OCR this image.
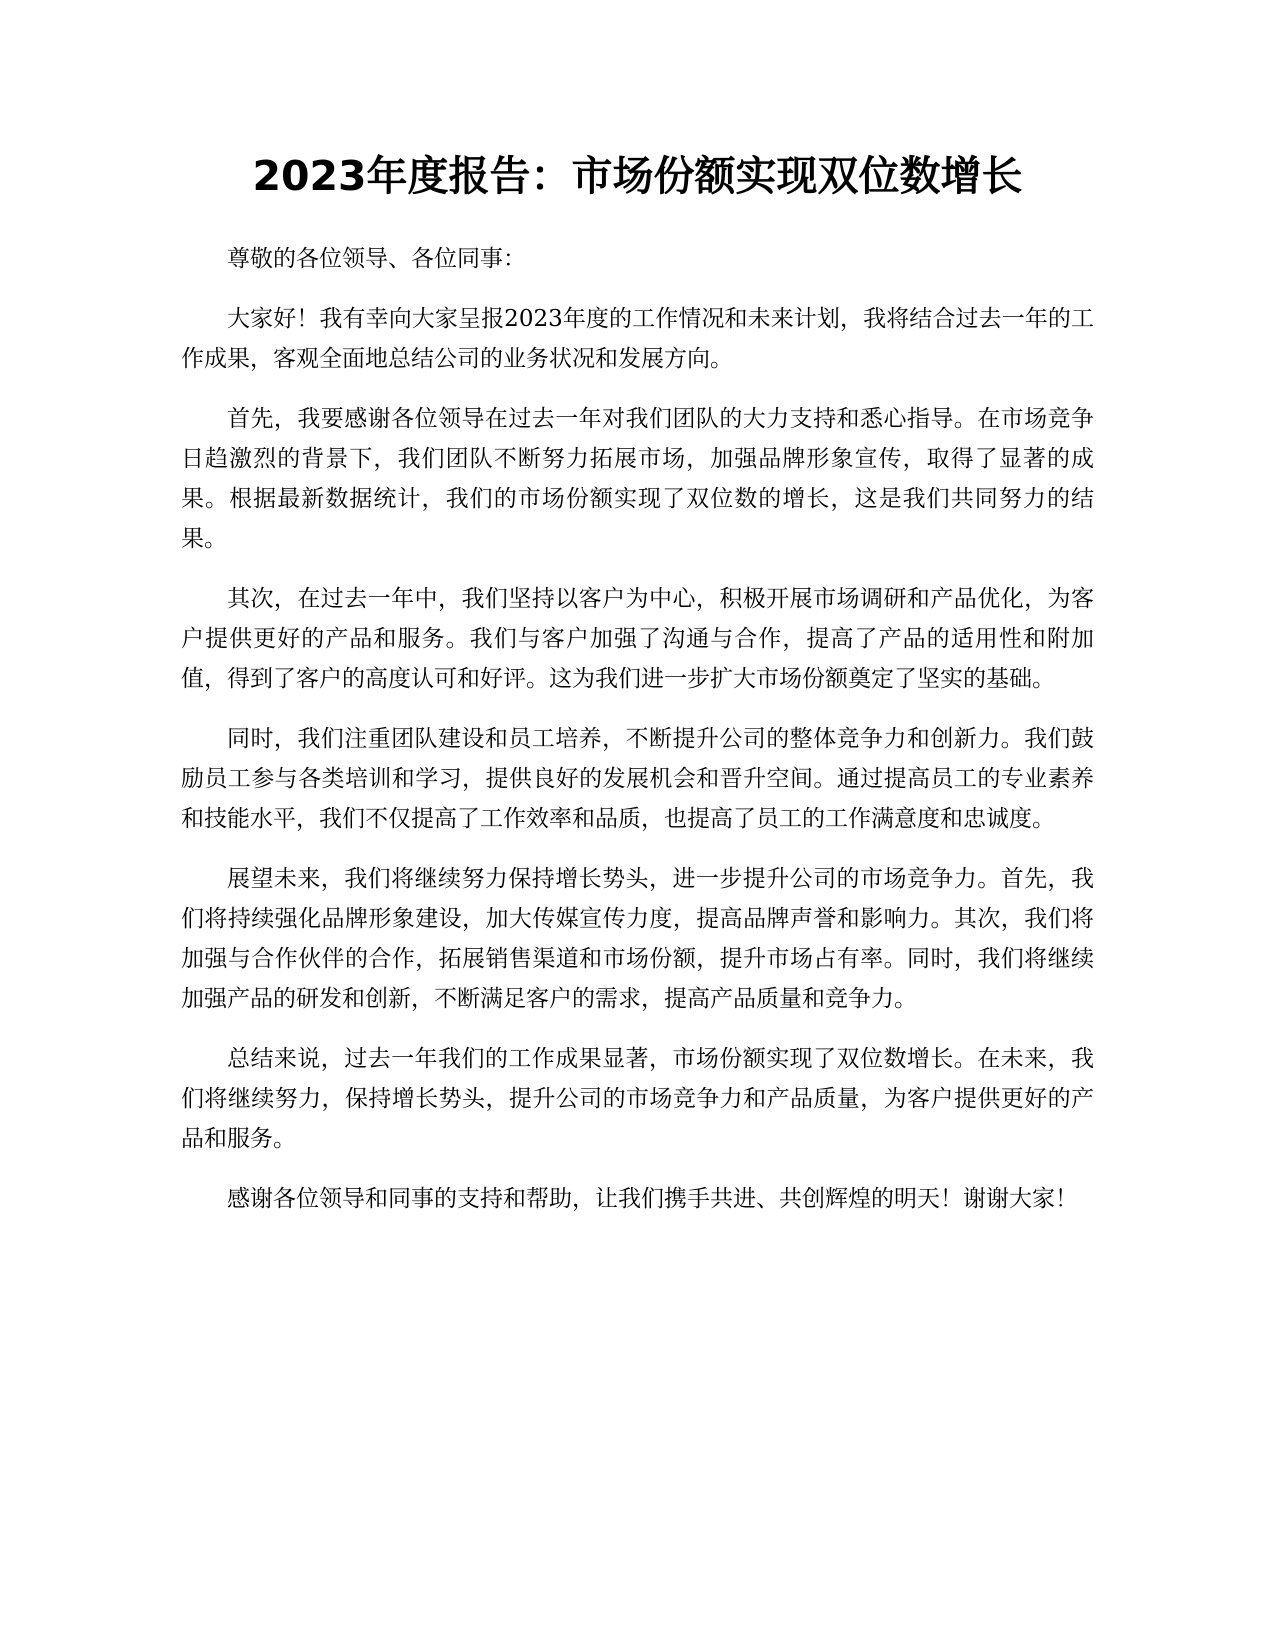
2023年度报告：市场份额实现双位数增长

尊敬的各位领导、各位同事：

大家好！我有幸向大家呈报2023年度的工作情况和未来计划，我将结合过去一年的工作成果，客观全面地总结公司的业务状况和发展方向。

首先，我要感谢各位领导在过去一年对我们团队的大力支持和悉心指导。在市场竞争日趋激烈的背景下，我们团队不断努力拓展市场，加强品牌形象宣传，取得了显著的成果。根据最新数据统计，我们的市场份额实现了双位数的增长，这是我们共同努力的结果。

其次，在过去一年中，我们坚持以客户为中心，积极开展市场调研和产品优化，为客户提供更好的产品和服务。我们与客户加强了沟通与合作，提高了产品的适用性和附加值，得到了客户的高度认可和好评。这为我们进一步扩大市场份额奠定了坚实的基础。

同时，我们注重团队建设和员工培养，不断提升公司的整体竞争力和创新力。我们鼓励员工参与各类培训和学习，提供良好的发展机会和晋升空间。通过提高员工的专业素养和技能水平，我们不仅提高了工作效率和品质，也提高了员工的工作满意度和忠诚度。

展望未来，我们将继续努力保持增长势头，进一步提升公司的市场竞争力。首先，我们将持续强化品牌形象建设，加大传媒宣传力度，提高品牌声誉和影响力。其次，我们将加强与合作伙伴的合作，拓展销售渠道和市场份额，提升市场占有率。同时，我们将继续加强产品的研发和创新，不断满足客户的需求，提高产品质量和竞争力。

总结来说，过去一年我们的工作成果显著，市场份额实现了双位数增长。在未来，我们将继续努力，保持增长势头，提升公司的市场竞争力和产品质量，为客户提供更好的产品和服务。

感谢各位领导和同事的支持和帮助，让我们携手共进、共创辉煌的明天！谢谢大家！
